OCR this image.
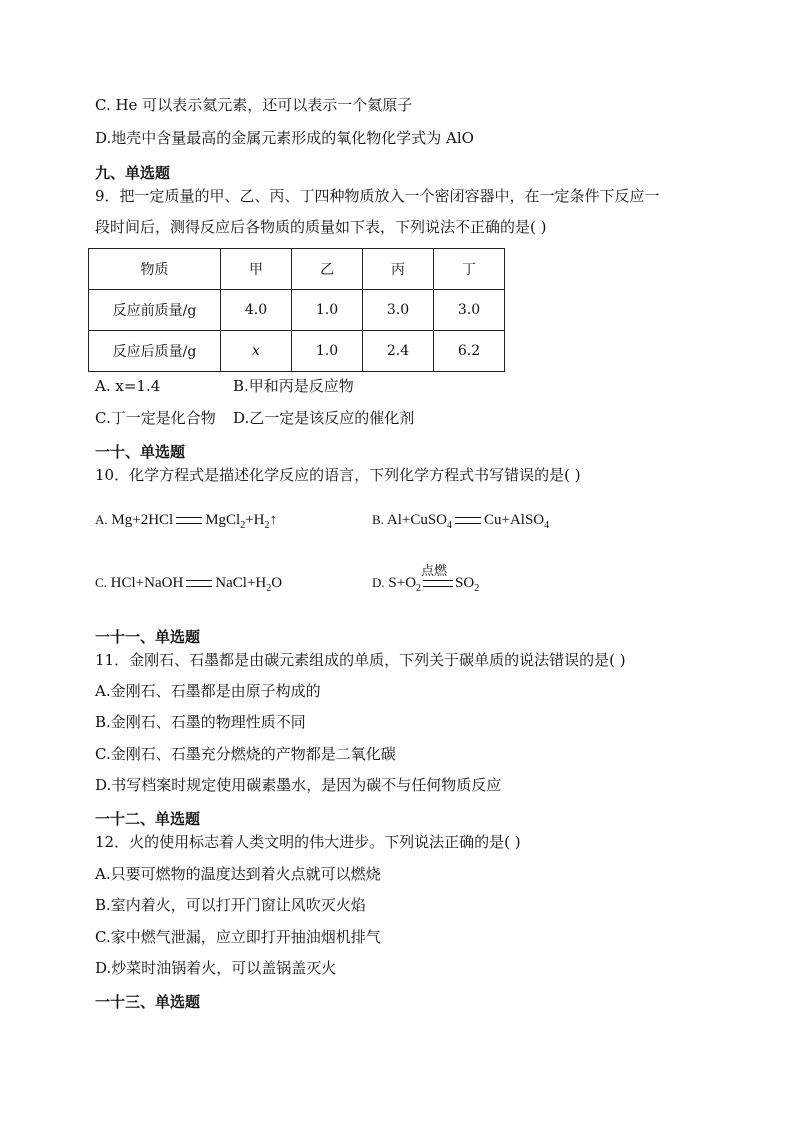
C. He 可以表示氦元素，还可以表示一个氦原子
D.地壳中含量最高的金属元素形成的氧化物化学式为 AlO
九、单选题
9．把一定质量的甲、乙、丙、丁四种物质放入一个密闭容器中，在一定条件下反应一
段时间后，测得反应后各物质的质量如下表，下列说法不正确的是( )
物质	甲	乙	丙	丁
反应前质量/g	4.0	1.0	3.0	3.0
反应后质量/g	x	1.0	2.4	6.2
A. x=1.4	B.甲和丙是反应物
C.丁一定是化合物 D.乙一定是该反应的催化剂
一十、单选题
10．化学方程式是描述化学反应的语言，下列化学方程式书写错误的是( )
A. Mg+2HCl $MgCl_2+H_2↑$	B. Al+CuSO$_4$ Cu+AlSO$_4$
C. HCl+NaOH $NaCl+H_2O$	D. $S+O_2$
点燃
$SO_2$
一十一、单选题
11．金刚石、石墨都是由碳元素组成的单质，下列关于碳单质的说法错误的是( )
A.金刚石、石墨都是由原子构成的
B.金刚石、石墨的物理性质不同
C.金刚石、石墨充分燃烧的产物都是二氧化碳
D.书写档案时规定使用碳素墨水，是因为碳不与任何物质反应
一十二、单选题
12．火的使用标志着人类文明的伟大进步。下列说法正确的是( )
A.只要可燃物的温度达到着火点就可以燃烧
B.室内着火，可以打开门窗让风吹灭火焰
C.家中燃气泄漏，应立即打开抽油烟机排气
D.炒菜时油锅着火，可以盖锅盖灭火
一十三、单选题
